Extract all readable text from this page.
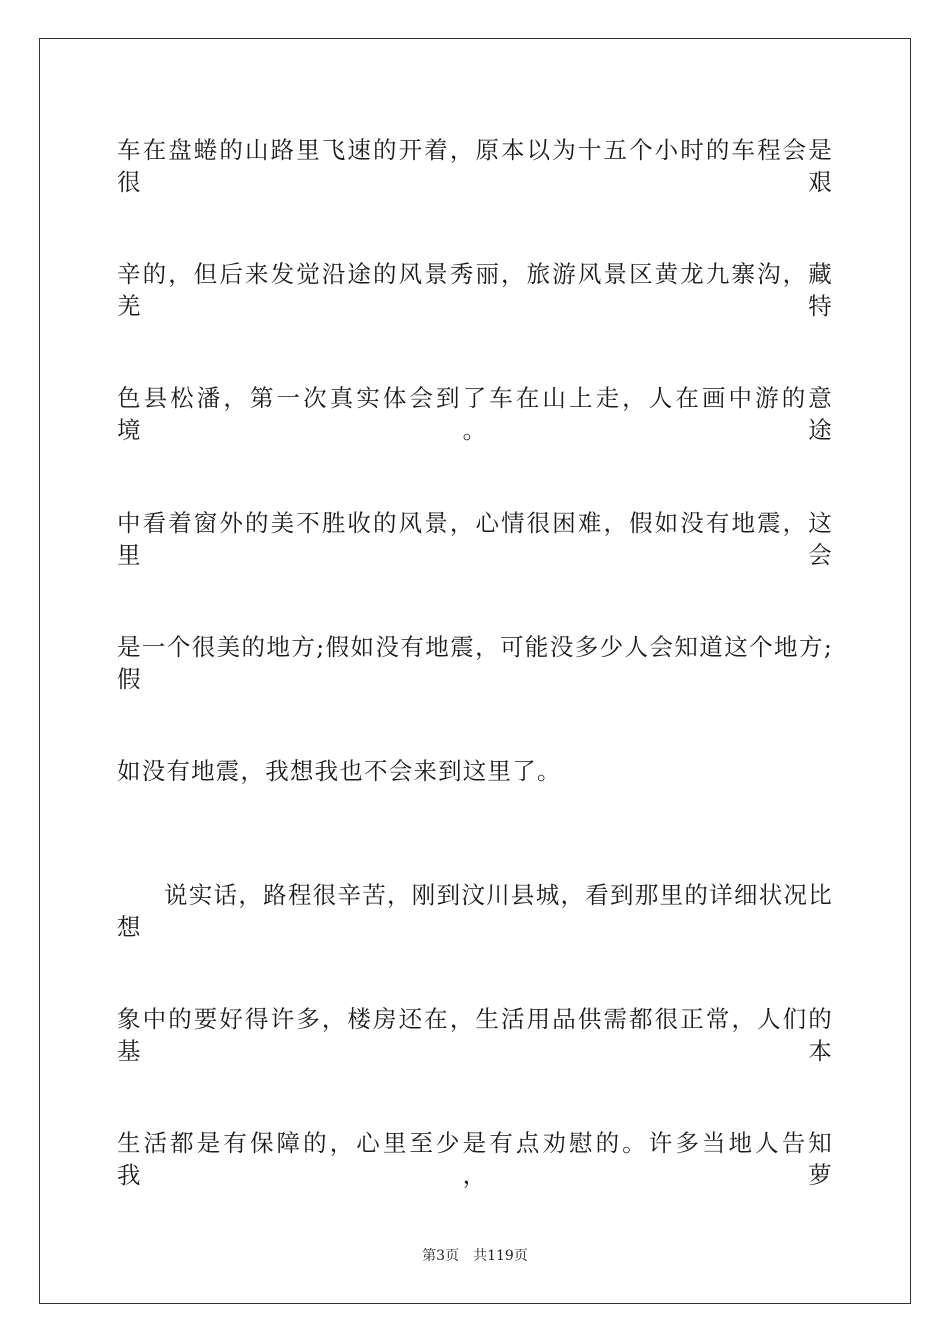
车在盘蜷的山路里飞速的开着，原本以为十五个小时的车程会是很艰
辛的，但后来发觉沿途的风景秀丽，旅游风景区黄龙九寨沟，藏羌特
色县松潘，第一次真实体会到了车在山上走，人在画中游的意境。途
中看着窗外的美不胜收的风景，心情很困难，假如没有地震，这里会
是一个很美的地方;假如没有地震，可能没多少人会知道这个地方;假
如没有地震，我想我也不会来到这里了。
说实话，路程很辛苦，刚到汶川县城，看到那里的详细状况比想
象中的要好得许多，楼房还在，生活用品供需都很正常，人们的基本
生活都是有保障的，心里至少是有点劝慰的。许多当地人告知我，萝
第3页 共119页
